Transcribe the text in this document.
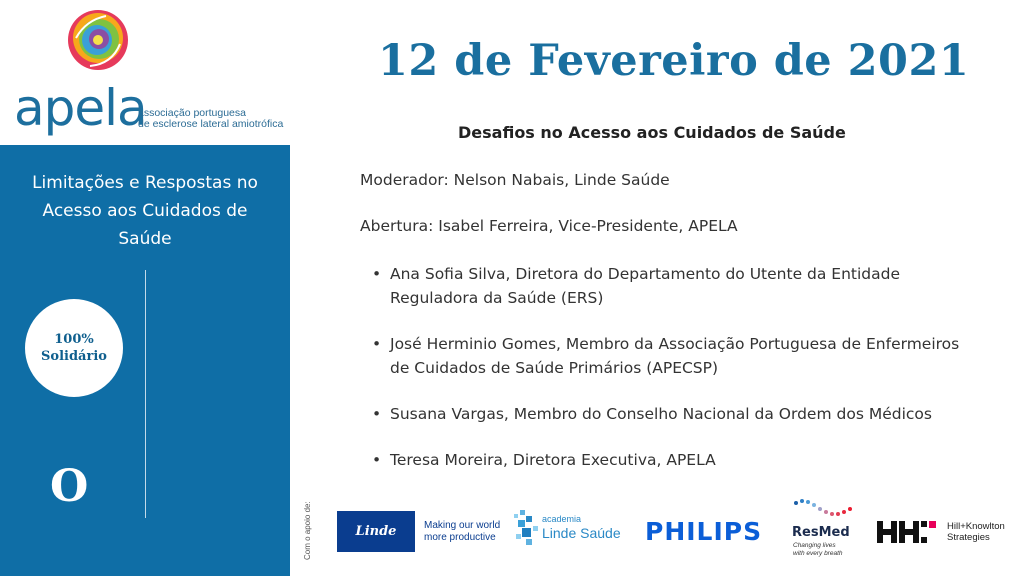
apela
associação portuguesa
de esclerose lateral amiotrófica
Limitações e Respostas no Acesso aos Cuidados de Saúde
100%
Solidário
O
12 de Fevereiro de 2021
Desafios no Acesso aos Cuidados de Saúde
Moderador: Nelson Nabais, Linde Saúde
Abertura: Isabel Ferreira, Vice-Presidente, APELA
• Ana Sofia Silva, Diretora do Departamento do Utente da Entidade Reguladora da Saúde (ERS)
• José Herminio Gomes, Membro da Associação Portuguesa de Enfermeiros de Cuidados de Saúde Primários (APECSP)
• Susana Vargas, Membro do Conselho Nacional da Ordem dos Médicos
• Teresa Moreira, Diretora Executiva, APELA
Com o apoio de:	Linde	Making our world
more productive
academia
Linde Saúde PHILIPS ResMed
Changing lives
with every breath
Hill+Knowlton
Strategies
